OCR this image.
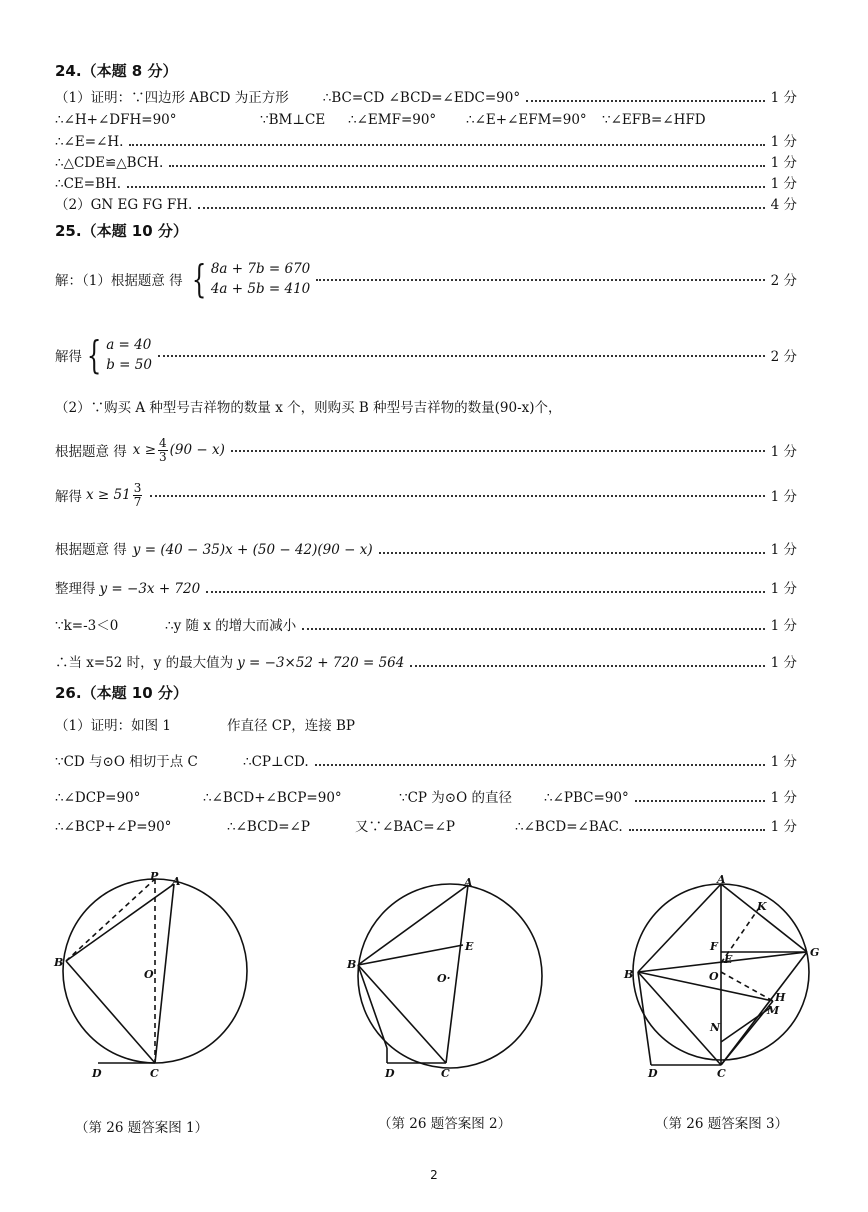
24.（本题 8 分）
（1）证明：∵四边形 ABCD 为正方形	∴BC=CD ∠BCD=∠EDC=90°	1 分
∴∠H+∠DFH=90°	∵BM⊥CE	∴∠EMF=90°	∴∠E+∠EFM=90°	∵∠EFB=∠HFD
∴∠E=∠H.	1 分
∴△CDE≌△BCH.	1 分
∴CE=BH.	1 分
（2）GN EG FG FH.	4 分
25.（本题 10 分）
解：（1）根据题意 得 { 8a + 7b = 670
4a + 5b = 410	2 分
解得 { a = 40
b = 50	2 分
（2）∵购买 A 种型号吉祥物的数量 x 个，则购买 B 种型号吉祥物的数量(90-x)个，
根据题意 得 $x \ge \frac{4}{3} (90 - x)$	1 分
解得 $x \ge 51 \frac{3}{7}$	1 分
根据题意 得 y = (40 − 35)x + (50 − 42)(90 − x)	1 分
整理得 y = −3x + 720	1 分
∵k=-3＜0	∴y 随 x 的增大而减小	1 分
∴当 x=52 时，y 的最大值为 y = −3×52 + 720 = 564	1 分
26.（本题 10 分）
（1）证明：如图 1	作直径 CP，连接 BP
∵CD 与⊙O 相切于点 C	∴CP⊥CD.	1 分
∴∠DCP=90°	∴∠BCD+∠BCP=90°	∵CP 为⊙O 的直径	∴∠PBC=90°	1 分
∴∠BCP+∠P=90°	∴∠BCD=∠P	又∵∠BAC=∠P	∴∠BCD=∠BAC.	1 分
P A
B
O
D	C
A
E
B
O·
D	C
A
K
F
E
G
B	O
H
M
N
D	C
（第 26 题答案图 1）	（第 26 题答案图 2）	（第 26 题答案图 3）
2
